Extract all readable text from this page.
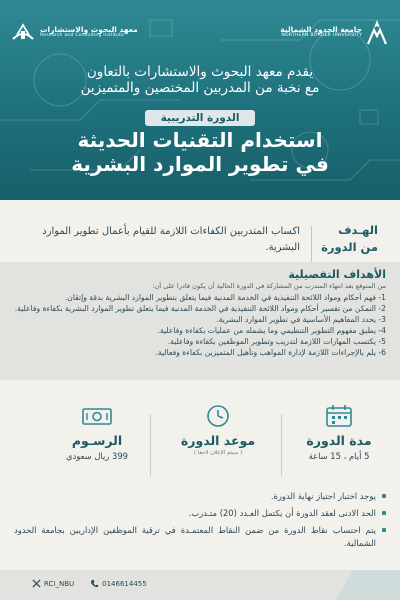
جامعة الحدود الشمالية
NORTHERN BORDER UNIVERSITY
معهد البحوث والاستشارات
Research and Consulting Institute
يقدم معهد البحوث والاستشارات بالتعاون
مع نخبة من المدربين المختصين والمتميزين
الدورة التدريبية
استخدام التقنيات الحديثة
في تطوير الموارد البشرية
الهـدف
من الدورة
اكساب المتدربين الكفاءات اللازمة للقيام بأعمال تطوير الموارد البشرية.
الأهداف التفصيلية
من المتوقع بعد انتهاء المتدرب من المشاركة في الدورة الحالية أن يكون قادرا على أن:
1- فهم أحكام ومواد اللائحة التنفيذية في الخدمة المدنية فيما يتعلق بتطوير الموارد البشرية بدقة وإتقان.
2- التمكن من تفسير أحكام ومواد اللائحة التنفيذية في الخدمة المدنية فيما يتعلق تطوير الموارد البشرية بكفاءة وفاعلية.
3- يحدد المفاهيم الأساسية في تطوير الموارد البشرية.
4- يطبق مفهوم التطوير التنظيمي وما يشمله من عمليات بكفاءة وفاعلية.
5- يكتسب المهارات اللازمة لتدريب وتطوير الموظفين بكفاءة وفاعلية.
6- يلم بالإجراءات اللازمة لإدارة المواهب وتأهيل المتميزين بكفاءة وفعالية.
مدة الدورة
5 أيام ، 15 ساعة
موعد الدورة
( سيتم الإعلان لاحقا )
الرسـوم
399 ريال سعودي
يوجد اختبار اجتياز نهاية الدورة.
الحد الادنى لعقد الدورة أن يكتمل العـدد (20) متـدرب.
يتم احتساب نقاط الدورة من ضمن النقاط المعتمـدة في ترقية الموظفين الإداريين بجامعة الحدود الشمالية.
RCI_NBU	0146614455
